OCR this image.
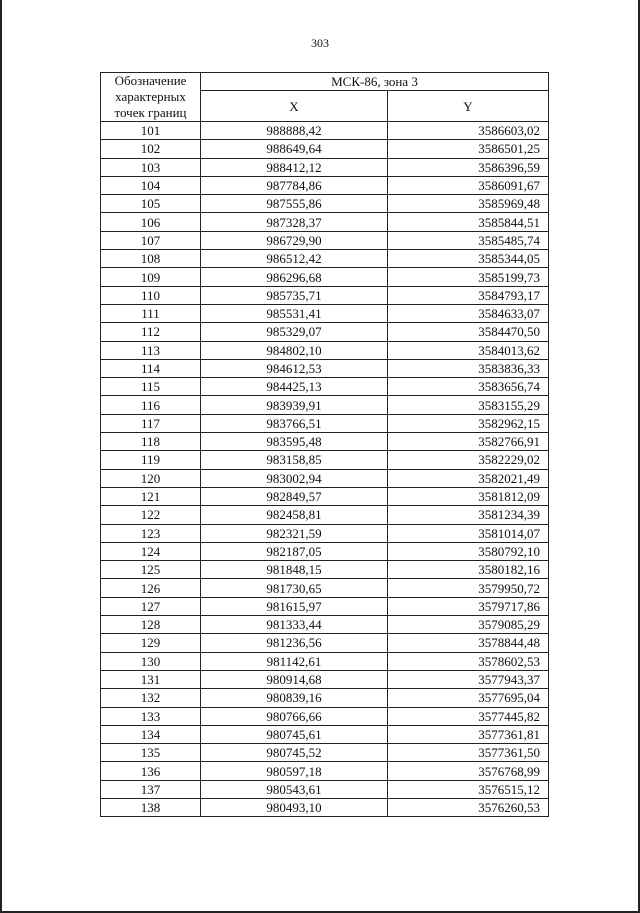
303
Обозначение характерных точек границ	МСК-86, зона 3	
	X	Y
101	988888,42	3586603,02
102	988649,64	3586501,25
103	988412,12	3586396,59
104	987784,86	3586091,67
105	987555,86	3585969,48
106	987328,37	3585844,51
107	986729,90	3585485,74
108	986512,42	3585344,05
109	986296,68	3585199,73
110	985735,71	3584793,17
111	985531,41	3584633,07
112	985329,07	3584470,50
113	984802,10	3584013,62
114	984612,53	3583836,33
115	984425,13	3583656,74
116	983939,91	3583155,29
117	983766,51	3582962,15
118	983595,48	3582766,91
119	983158,85	3582229,02
120	983002,94	3582021,49
121	982849,57	3581812,09
122	982458,81	3581234,39
123	982321,59	3581014,07
124	982187,05	3580792,10
125	981848,15	3580182,16
126	981730,65	3579950,72
127	981615,97	3579717,86
128	981333,44	3579085,29
129	981236,56	3578844,48
130	981142,61	3578602,53
131	980914,68	3577943,37
132	980839,16	3577695,04
133	980766,66	3577445,82
134	980745,61	3577361,81
135	980745,52	3577361,50
136	980597,18	3576768,99
137	980543,61	3576515,12
138	980493,10	3576260,53
